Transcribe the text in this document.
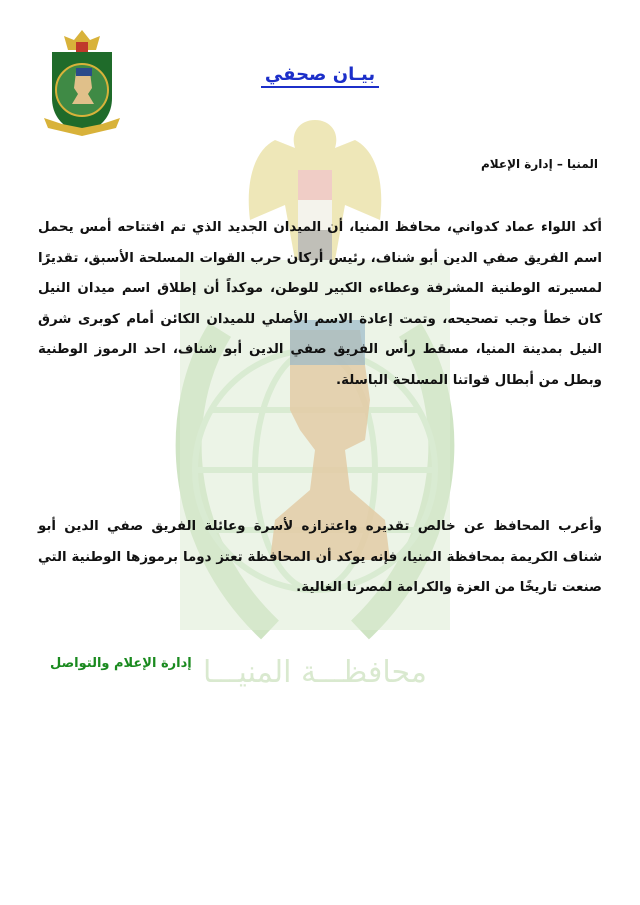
محافظـــة المنيـــا
بيـان صحفي
المنيا – إدارة الإعلام
أكد اللواء عماد كدواني، محافظ المنيا، أن الميدان الجديد الذي تم افتتاحه أمس يحمل اسم الفريق صفي الدين أبو شناف، رئيس أركان حرب القوات المسلحة الأسبق، تقديرًا لمسيرته الوطنية المشرفة وعطاءه الكبير للوطن، موكداً أن إطلاق اسم ميدان النيل كان خطأ وجب تصحيحه، وتمت إعادة الاسم الأصلي للميدان الكائن أمام كوبرى شرق النيل بمدينة المنيا، مسقط رأس الفريق صفي الدين أبو شناف، احد الرموز الوطنية وبطل من أبطال قواتنا المسلحة الباسلة.
وأعرب المحافظ عن خالص تقديره واعتزازه لأسرة وعائلة الفريق صفي الدين أبو شناف الكريمة بمحافظة المنيا، فإنه يوكد أن المحافظة تعتز دوما برموزها الوطنية التي صنعت تاريخًا من العزة والكرامة لمصرنا الغالية.
إدارة الإعلام والتواصل
